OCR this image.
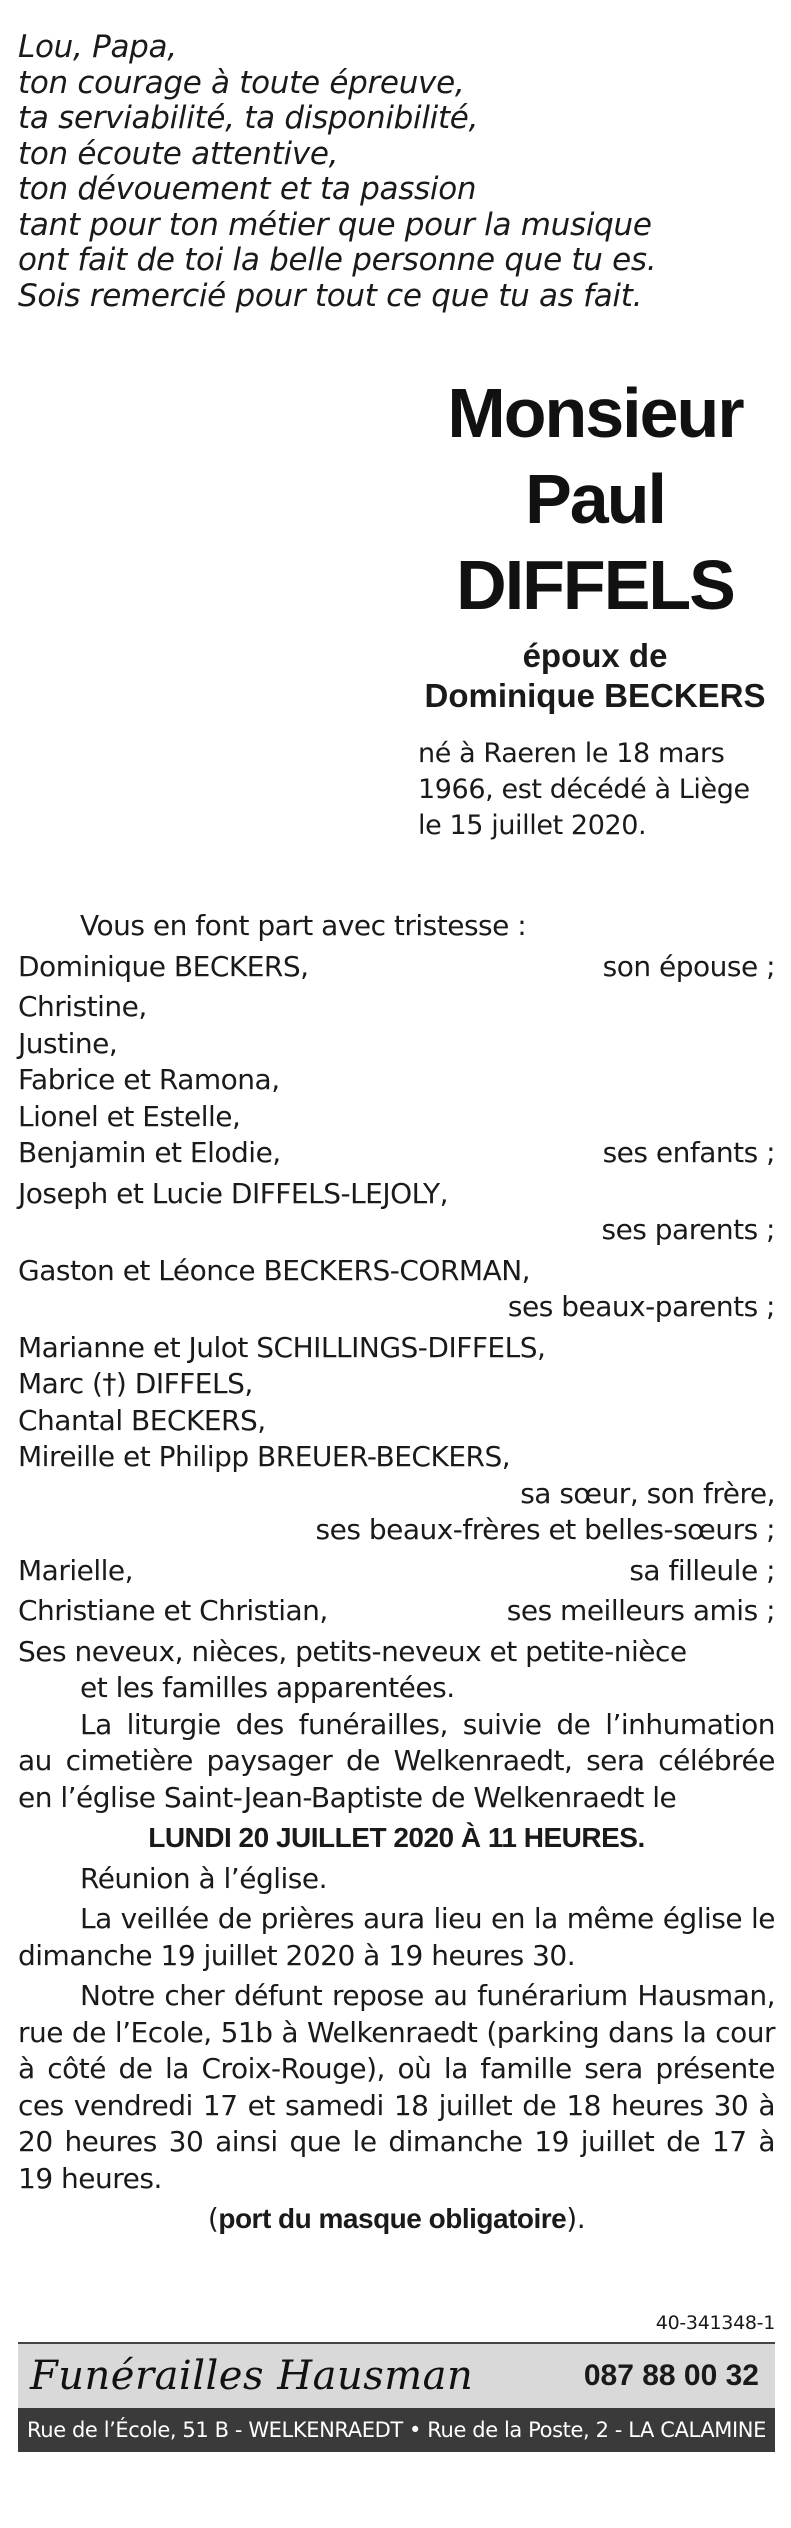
Lou, Papa,
ton courage à toute épreuve,
ta serviabilité, ta disponibilité,
ton écoute attentive,
ton dévouement et ta passion
tant pour ton métier que pour la musique
ont fait de toi la belle personne que tu es.
Sois remercié pour tout ce que tu as fait.
Monsieur
Paul
DIFFELS
époux de
Dominique BECKERS
né à Raeren le 18 mars
1966, est décédé à Liège
le 15 juillet 2020.
Vous en font part avec tristesse :
Dominique BECKERS,	son épouse ;
Christine,
Justine,
Fabrice et Ramona,
Lionel et Estelle,
Benjamin et Elodie,	ses enfants ;
Joseph et Lucie DIFFELS-LEJOLY,
ses parents ;
Gaston et Léonce BECKERS-CORMAN,
ses beaux-parents ;
Marianne et Julot SCHILLINGS-DIFFELS,
Marc (†) DIFFELS,
Chantal BECKERS,
Mireille et Philipp BREUER-BECKERS,
sa sœur, son frère,
ses beaux-frères et belles-sœurs ;
Marielle,	sa filleule ;
Christiane et Christian,	ses meilleurs amis ;
Ses neveux, nièces, petits-neveux et petite-nièce
et les familles apparentées.
La liturgie des funérailles, suivie de l’inhumation au cimetière paysager de Welkenraedt, sera célébrée en l’église Saint-Jean-Baptiste de Welkenraedt le
LUNDI 20 JUILLET 2020 À 11 HEURES.
Réunion à l’église.
La veillée de prières aura lieu en la même église le dimanche 19 juillet 2020 à 19 heures 30.
Notre cher défunt repose au funérarium Hausman, rue de l’Ecole, 51b à Welkenraedt (parking dans la cour à côté de la Croix-Rouge), où la famille sera présente ces vendredi 17 et samedi 18 juillet de 18 heures 30 à 20 heures 30 ainsi que le dimanche 19 juillet de 17 à 19 heures.
(port du masque obligatoire).
40-341348-1
Funérailles Hausman	087 88 00 32
Rue de l’École, 51 B - WELKENRAEDT • Rue de la Poste, 2 - LA CALAMINE
